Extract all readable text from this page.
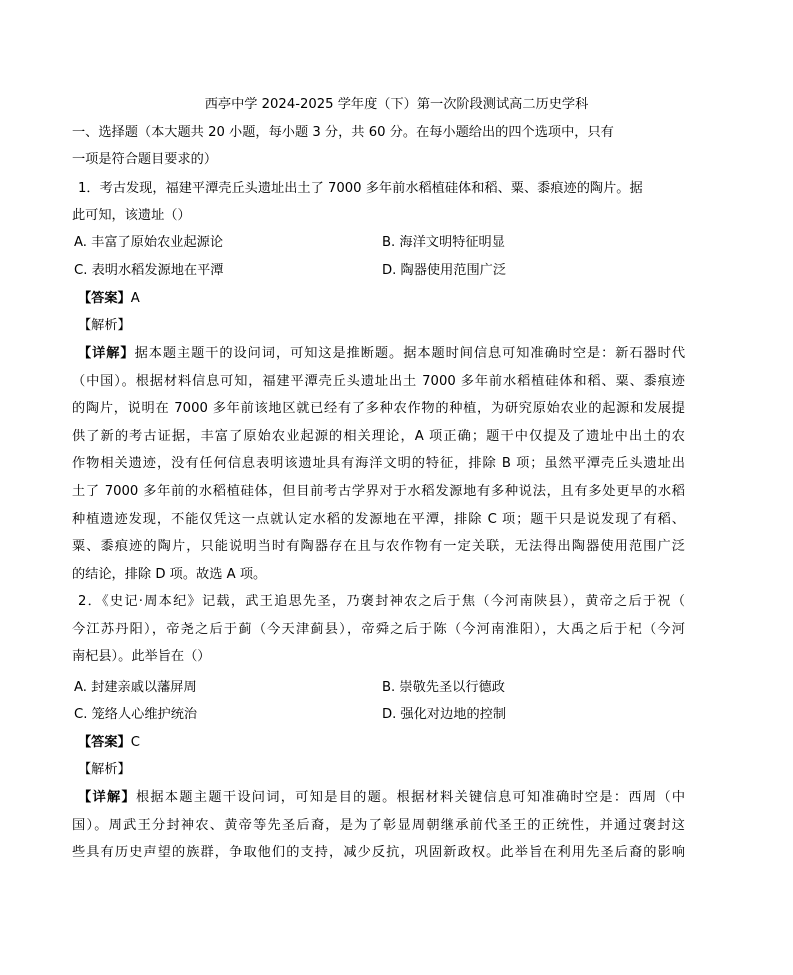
西亭中学 2024-2025 学年度（下）第一次阶段测试高二历史学科
一、选择题（本大题共 20 小题，每小题 3 分，共 60 分。在每小题给出的四个选项中，只有
一项是符合题目要求的）
1．考古发现，福建平潭壳丘头遗址出土了 7000 多年前水稻植硅体和稻、粟、黍痕迹的陶片。据
此可知，该遗址（）
A. 丰富了原始农业起源论	B. 海洋文明特征明显
C. 表明水稻发源地在平潭	D. 陶器使用范围广泛
【答案】A
【解析】
【详解】据本题主题干的设问词，可知这是推断题。据本题时间信息可知准确时空是：新石器时代
（中国）。根据材料信息可知，福建平潭壳丘头遗址出土 7000 多年前水稻植硅体和稻、粟、黍痕迹
的陶片，说明在 7000 多年前该地区就已经有了多种农作物的种植，为研究原始农业的起源和发展提
供了新的考古证据，丰富了原始农业起源的相关理论，A 项正确；题干中仅提及了遗址中出土的农
作物相关遗迹，没有任何信息表明该遗址具有海洋文明的特征，排除 B 项；虽然平潭壳丘头遗址出
土了 7000 多年前的水稻植硅体，但目前考古学界对于水稻发源地有多种说法，且有多处更早的水稻
种植遗迹发现，不能仅凭这一点就认定水稻的发源地在平潭，排除 C 项；题干只是说发现了有稻、
粟、黍痕迹的陶片，只能说明当时有陶器存在且与农作物有一定关联，无法得出陶器使用范围广泛
的结论，排除 D 项。故选 A 项。
2．《史记·周本纪》记载，武王追思先圣，乃褒封神农之后于焦（今河南陕县），黄帝之后于祝（
今江苏丹阳），帝尧之后于蓟（今天津蓟县），帝舜之后于陈（今河南淮阳），大禹之后于杞（今河
南杞县）。此举旨在（）
A. 封建亲戚以藩屏周	B. 崇敬先圣以行德政
C. 笼络人心维护统治	D. 强化对边地的控制
【答案】C
【解析】
【详解】根据本题主题干设问词，可知是目的题。根据材料关键信息可知准确时空是：西周（中
国）。周武王分封神农、黄帝等先圣后裔，是为了彰显周朝继承前代圣王的正统性，并通过褒封这
些具有历史声望的族群，争取他们的支持，减少反抗，巩固新政权。此举旨在利用先圣后裔的影响
